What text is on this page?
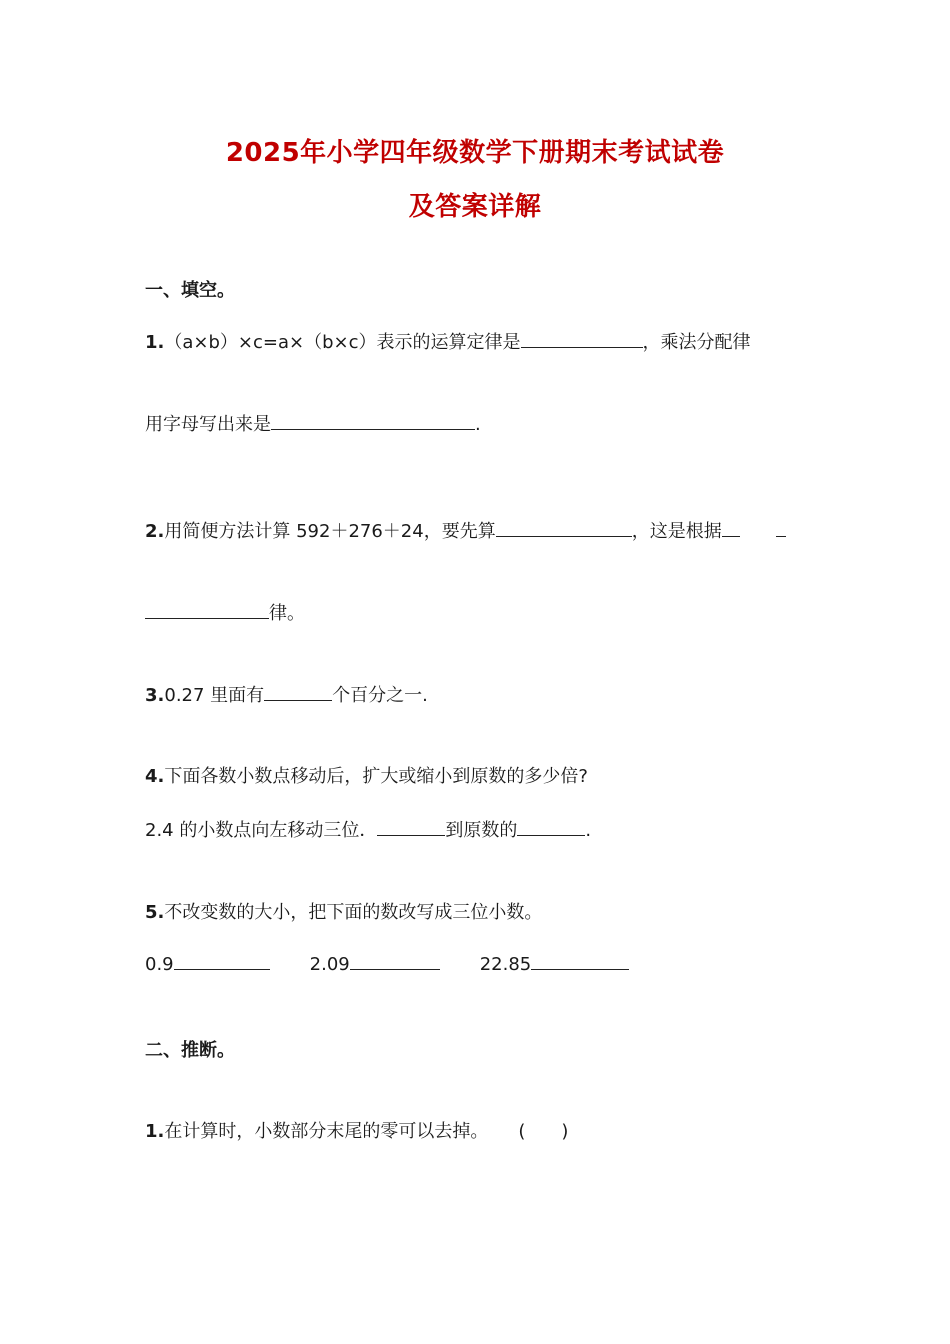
2025年小学四年级数学下册期末考试试卷
及答案详解
一、填空。
1.（a×b）×c=a×（b×c）表示的运算定律是	，乘法分配律
用字母写出来是	.
2.用简便方法计算 592＋276＋24，要先算	，这是根据
律。
3.0.27 里面有	个百分之一.
4.下面各数小数点移动后，扩大或缩小到原数的多少倍?
2.4 的小数点向左移动三位．	到原数的	.
5.不改变数的大小，把下面的数改写成三位小数。
0.9	2.09	22.85
二、推断。
1.在计算时，小数部分末尾的零可以去掉。 (　　)
